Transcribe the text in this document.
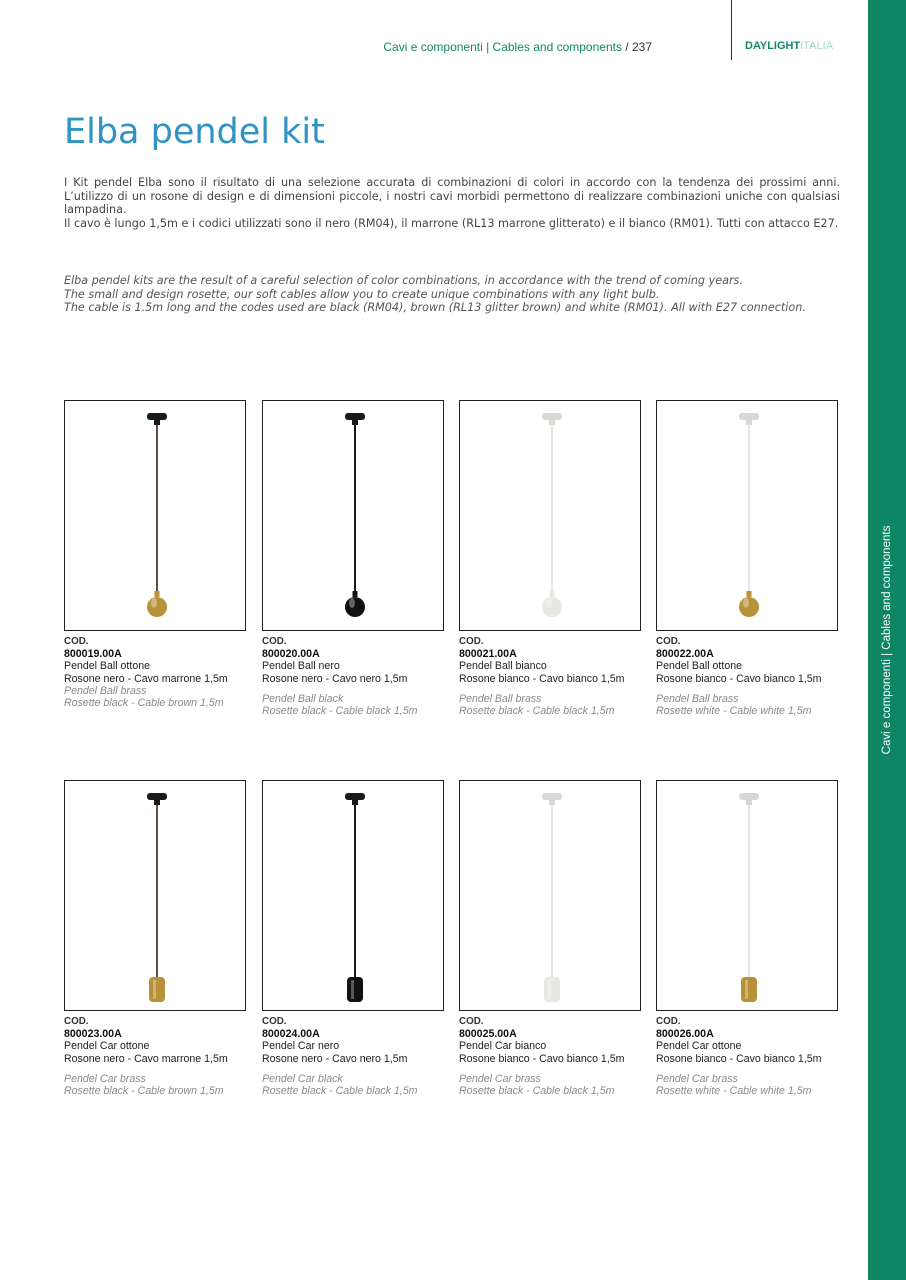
Cavi e componenti | Cables and components / 237	DAYLIGHTITALIA
Cavi e componenti | Cables and components
Elba pendel kit

I Kit pendel Elba sono il risultato di una selezione accurata di combinazioni di colori in accordo con la tendenza dei prossimi anni. L’utilizzo di un rosone di design e di dimensioni piccole, i nostri cavi morbidi permettono di realizzare combinazioni uniche con qualsiasi lampadina.

Il cavo è lungo 1,5m e i codici utilizzati sono il nero (RM04), il marrone (RL13 marrone glitterato) e il bianco (RM01). Tutti con attacco E27.

Elba pendel kits are the result of a careful selection of color combinations, in accordance with the trend of coming years.

The small and design rosette, our soft cables allow you to create unique combinations with any light bulb.

The cable is 1.5m long and the codes used are black (RM04), brown (RL13 glitter brown) and white (RM01). All with E27 connection.

COD.
800019.00A
Pendel Ball ottone
Rosone nero - Cavo marrone 1,5m
Pendel Ball brass
Rosette black - Cable brown 1,5m
COD.
800020.00A
Pendel Ball nero
Rosone nero - Cavo nero 1,5m
Pendel Ball black
Rosette black - Cable black 1,5m
COD.
800021.00A
Pendel Ball bianco
Rosone bianco - Cavo bianco 1,5m
Pendel Ball brass
Rosette black - Cable black 1,5m
COD.
800022.00A
Pendel Ball ottone
Rosone bianco - Cavo bianco 1,5m
Pendel Ball brass
Rosette white - Cable white 1,5m
COD.
800023.00A
Pendel Car ottone
Rosone nero - Cavo marrone 1,5m
Pendel Car brass
Rosette black - Cable brown 1,5m
COD.
800024.00A
Pendel Car nero
Rosone nero - Cavo nero 1,5m
Pendel Car black
Rosette black - Cable black 1,5m
COD.
800025.00A
Pendel Car bianco
Rosone bianco - Cavo bianco 1,5m
Pendel Car brass
Rosette black - Cable black 1,5m
COD.
800026.00A
Pendel Car ottone
Rosone bianco - Cavo bianco 1,5m
Pendel Car brass
Rosette white - Cable white 1,5m
